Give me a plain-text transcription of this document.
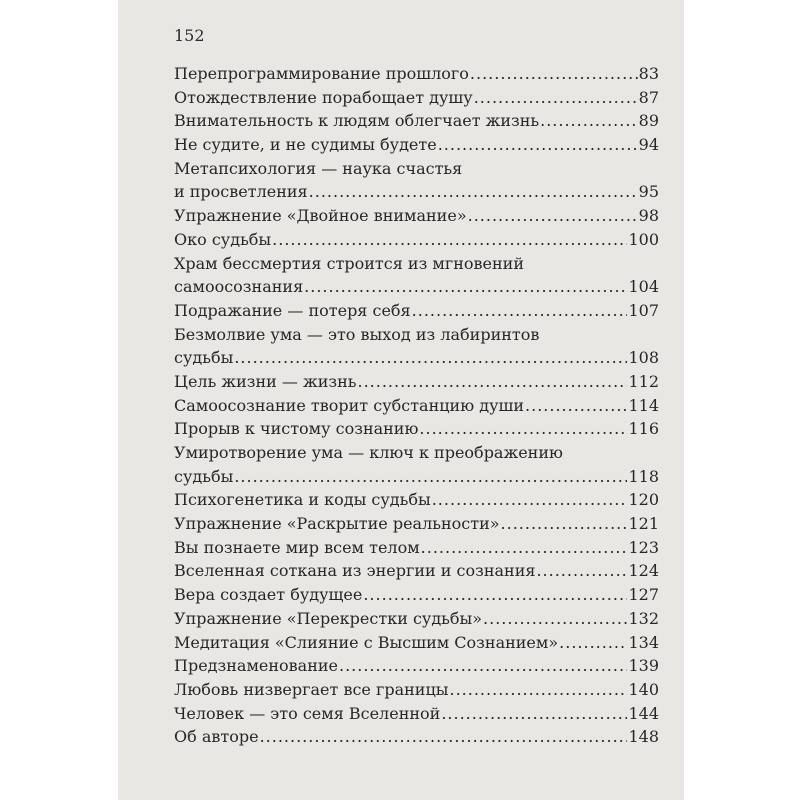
152
Перепрограммирование прошлого .....	83
Отождествление порабощает душу .....	87
Внимательность к людям облегчает жизнь .....	89
Не судите, и не судимы будете .....	94
Метапсихология — наука счастья
и просветления .....	95
Упражнение «Двойное внимание» .....	98
Око судьбы .....	100
Храм бессмертия строится из мгновений
самоосознания .....	104
Подражание — потеря себя .....	107
Безмолвие ума — это выход из лабиринтов
судьбы .....	108
Цель жизни — жизнь .....	112
Самоосознание творит субстанцию души .....	114
Прорыв к чистому сознанию .....	116
Умиротворение ума — ключ к преображению
судьбы .....	118
Психогенетика и коды судьбы .....	120
Упражнение «Раскрытие реальности» .....	121
Вы познаете мир всем телом .....	123
Вселенная соткана из энергии и сознания .....	124
Вера создает будущее .....	127
Упражнение «Перекрестки судьбы» .....	132
Медитация «Слияние с Высшим Сознанием» .....	134
Предзнаменование .....	139
Любовь низвергает все границы .....	140
Человек — это семя Вселенной .....	144
Об авторе .....	148
